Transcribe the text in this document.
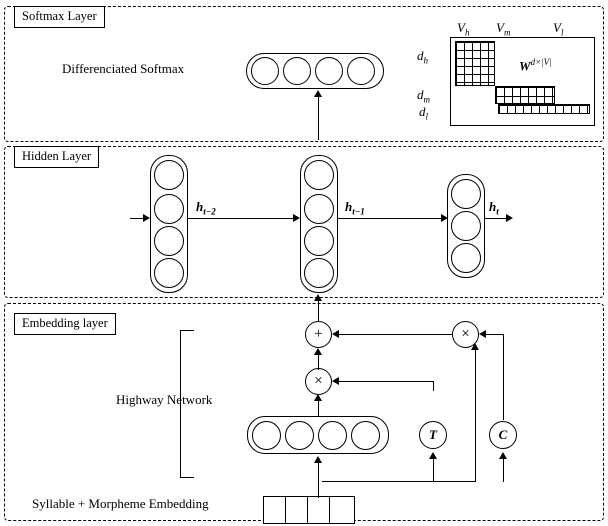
Softmax Layer
Differenciated Softmax
$V_h$ $V_m$	$V_l$
$d_h$
$d_m$
$d_l$
$W^{d\times|V|}$
Hidden Layer
$h_{t-2}$	$h_{t-1}$	$h_t$
Embedding layer
+
×
×
T	C
Highway Network
Syllable + Morpheme Embedding
